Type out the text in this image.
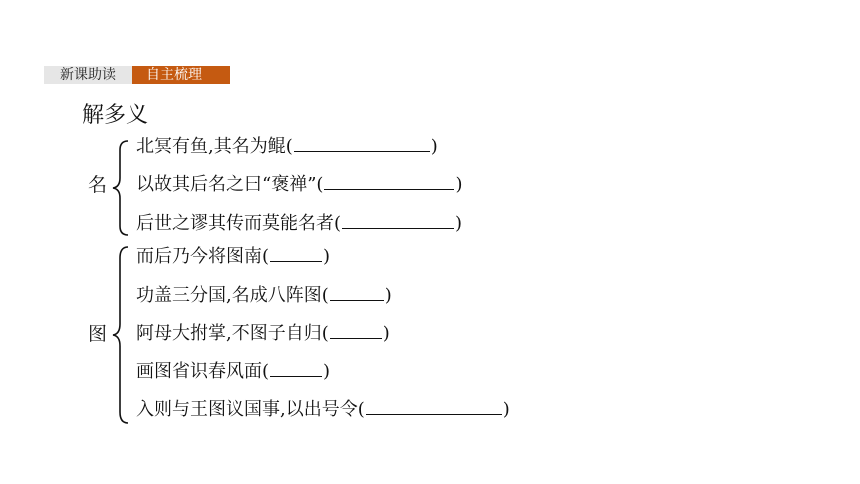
新课助读	自主梳理
解多义
名
北冥有鱼,其名为鲲(	)
以故其后名之曰“褒禅”(	)
后世之谬其传而莫能名者(	)
图
而后乃今将图南(	)
功盖三分国,名成八阵图(	)
阿母大拊掌,不图子自归(	)
画图省识春风面(	)
入则与王图议国事,以出号令(	)
